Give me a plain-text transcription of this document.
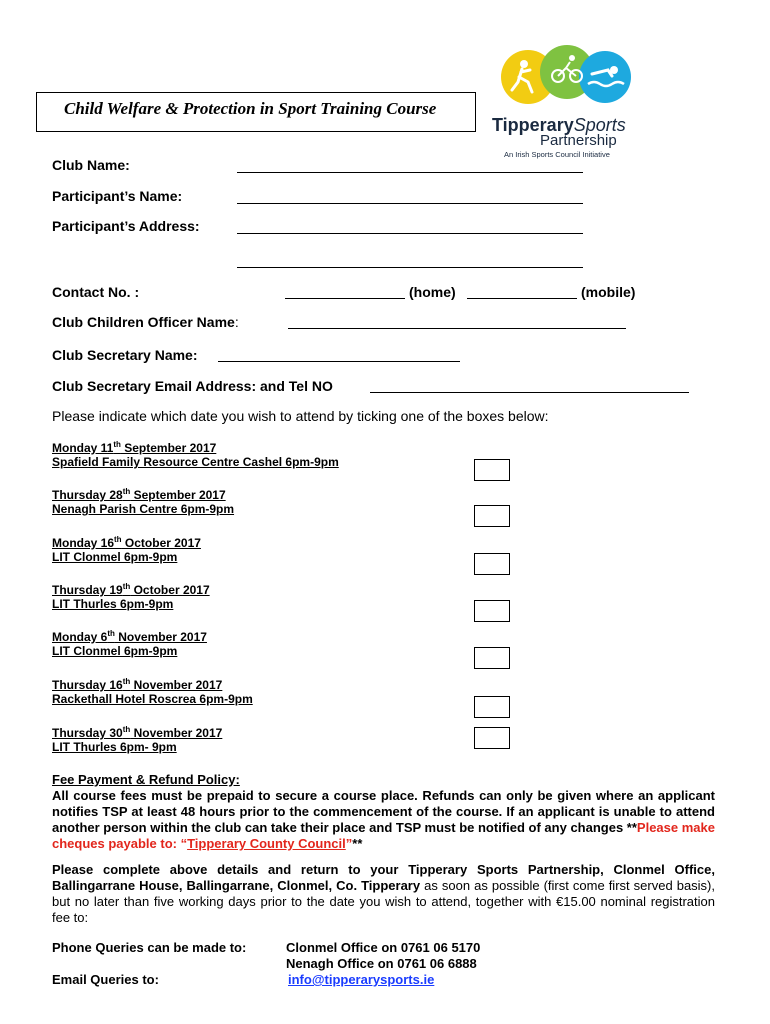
Child Welfare & Protection in Sport Training Course
TipperarySports
Partnership
An Irish Sports Council Initiative
Club Name:
Participant’s Name:
Participant’s Address:
Contact No. :	(home)	(mobile)
Club Children Officer Name:
Club Secretary Name:
Club Secretary Email Address: and Tel NO
Please indicate which date you wish to attend by ticking one of the boxes below:
Monday 11th September 2017
Spafield Family Resource Centre Cashel 6pm-9pm
Thursday 28th September 2017
Nenagh Parish Centre 6pm-9pm
Monday 16th October 2017
LIT Clonmel 6pm-9pm
Thursday 19th October 2017
LIT Thurles 6pm-9pm
Monday 6th November 2017
LIT Clonmel 6pm-9pm
Thursday 16th November 2017
Rackethall Hotel Roscrea 6pm-9pm
Thursday 30th November 2017
LIT Thurles 6pm- 9pm
Fee Payment & Refund Policy:
All course fees must be prepaid to secure a course place. Refunds can only be given where an applicant notifies TSP at least 48 hours prior to the commencement of the course. If an applicant is unable to attend another person within the club can take their place and TSP must be notified of any changes **Please make cheques payable to: “Tipperary County Council”**
Please complete above details and return to your Tipperary Sports Partnership, Clonmel Office, Ballingarrane House, Ballingarrane, Clonmel, Co. Tipperary as soon as possible (first come first served basis), but no later than five working days prior to the date you wish to attend, together with €15.00 nominal registration fee to:
Phone Queries can be made to:	Clonmel Office on 0761 06 5170
Nenagh Office on 0761 06 6888
Email Queries to:	info@tipperarysports.ie
